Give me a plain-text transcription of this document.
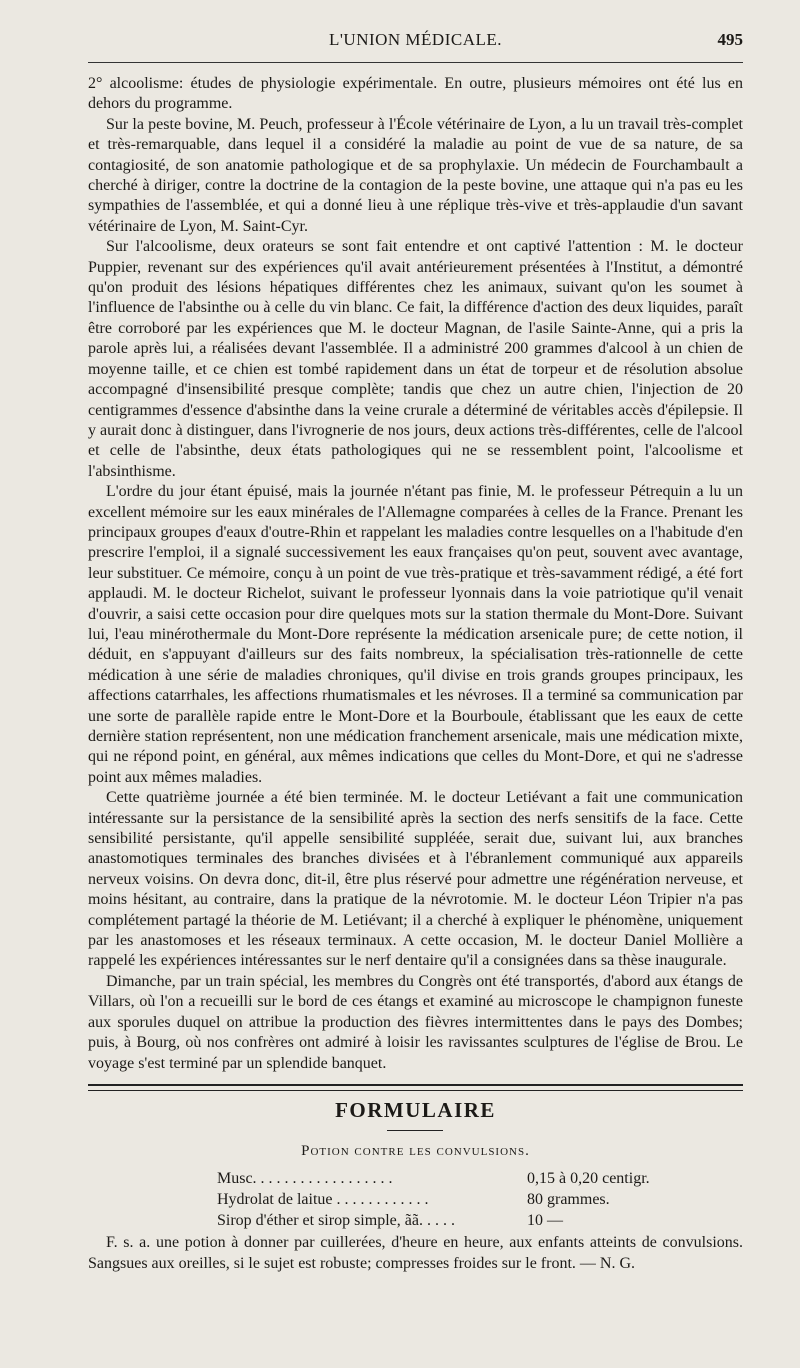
L'UNION MÉDICALE.	495

2° alcoolisme: études de physiologie expérimentale. En outre, plusieurs mémoires ont été lus en dehors du programme.

Sur la peste bovine, M. Peuch, professeur à l'École vétérinaire de Lyon, a lu un travail très-complet et très-remarquable, dans lequel il a considéré la maladie au point de vue de sa nature, de sa contagiosité, de son anatomie pathologique et de sa prophylaxie. Un médecin de Fourchambault a cherché à diriger, contre la doctrine de la contagion de la peste bovine, une attaque qui n'a pas eu les sympathies de l'assemblée, et qui a donné lieu à une réplique très-vive et très-applaudie d'un savant vétérinaire de Lyon, M. Saint-Cyr.

Sur l'alcoolisme, deux orateurs se sont fait entendre et ont captivé l'attention : M. le docteur Puppier, revenant sur des expériences qu'il avait antérieurement présentées à l'Institut, a démontré qu'on produit des lésions hépatiques différentes chez les animaux, suivant qu'on les soumet à l'influence de l'absinthe ou à celle du vin blanc. Ce fait, la différence d'action des deux liquides, paraît être corroboré par les expériences que M. le docteur Magnan, de l'asile Sainte-Anne, qui a pris la parole après lui, a réalisées devant l'assemblée. Il a administré 200 grammes d'alcool à un chien de moyenne taille, et ce chien est tombé rapidement dans un état de torpeur et de résolution absolue accompagné d'insensibilité presque complète; tandis que chez un autre chien, l'injection de 20 centigrammes d'essence d'absinthe dans la veine crurale a déterminé de véritables accès d'épilepsie. Il y aurait donc à distinguer, dans l'ivrognerie de nos jours, deux actions très-différentes, celle de l'alcool et celle de l'absinthe, deux états pathologiques qui ne se ressemblent point, l'alcoolisme et l'absinthisme.

L'ordre du jour étant épuisé, mais la journée n'étant pas finie, M. le professeur Pétrequin a lu un excellent mémoire sur les eaux minérales de l'Allemagne comparées à celles de la France. Prenant les principaux groupes d'eaux d'outre-Rhin et rappelant les maladies contre lesquelles on a l'habitude d'en prescrire l'emploi, il a signalé successivement les eaux françaises qu'on peut, souvent avec avantage, leur substituer. Ce mémoire, conçu à un point de vue très-pratique et très-savamment rédigé, a été fort applaudi. M. le docteur Richelot, suivant le professeur lyonnais dans la voie patriotique qu'il venait d'ouvrir, a saisi cette occasion pour dire quelques mots sur la station thermale du Mont-Dore. Suivant lui, l'eau minérothermale du Mont-Dore représente la médication arsenicale pure; de cette notion, il déduit, en s'appuyant d'ailleurs sur des faits nombreux, la spécialisation très-rationnelle de cette médication à une série de maladies chroniques, qu'il divise en trois grands groupes principaux, les affections catarrhales, les affections rhumatismales et les névroses. Il a terminé sa communication par une sorte de parallèle rapide entre le Mont-Dore et la Bourboule, établissant que les eaux de cette dernière station représentent, non une médication franchement arsenicale, mais une médication mixte, qui ne répond point, en général, aux mêmes indications que celles du Mont-Dore, et qui ne s'adresse point aux mêmes maladies.

Cette quatrième journée a été bien terminée. M. le docteur Letiévant a fait une communication intéressante sur la persistance de la sensibilité après la section des nerfs sensitifs de la face. Cette sensibilité persistante, qu'il appelle sensibilité suppléée, serait due, suivant lui, aux branches anastomotiques terminales des branches divisées et à l'ébranlement communiqué aux appareils nerveux voisins. On devra donc, dit-il, être plus réservé pour admettre une régénération nerveuse, et moins hésitant, au contraire, dans la pratique de la névrotomie. M. le docteur Léon Tripier n'a pas complétement partagé la théorie de M. Letiévant; il a cherché à expliquer le phénomène, uniquement par les anastomoses et les réseaux terminaux. A cette occasion, M. le docteur Daniel Mollière a rappelé les expériences intéressantes sur le nerf dentaire qu'il a consignées dans sa thèse inaugurale.

Dimanche, par un train spécial, les membres du Congrès ont été transportés, d'abord aux étangs de Villars, où l'on a recueilli sur le bord de ces étangs et examiné au microscope le champignon funeste aux sporules duquel on attribue la production des fièvres intermittentes dans le pays des Dombes; puis, à Bourg, où nos confrères ont admiré à loisir les ravissantes sculptures de l'église de Brou. Le voyage s'est terminé par un splendide banquet.

FORMULAIRE
Potion contre les convulsions.
Musc. . . . . . . . . . . . . . . . . .	0,15 à 0,20 centigr.
Hydrolat de laitue . . . . . . . . . . . .	80 grammes.
Sirop d'éther et sirop simple, ãã. . . . .	10 —
F. s. a. une potion à donner par cuillerées, d'heure en heure, aux enfants atteints de convulsions. Sangsues aux oreilles, si le sujet est robuste; compresses froides sur le front. — N. G.
